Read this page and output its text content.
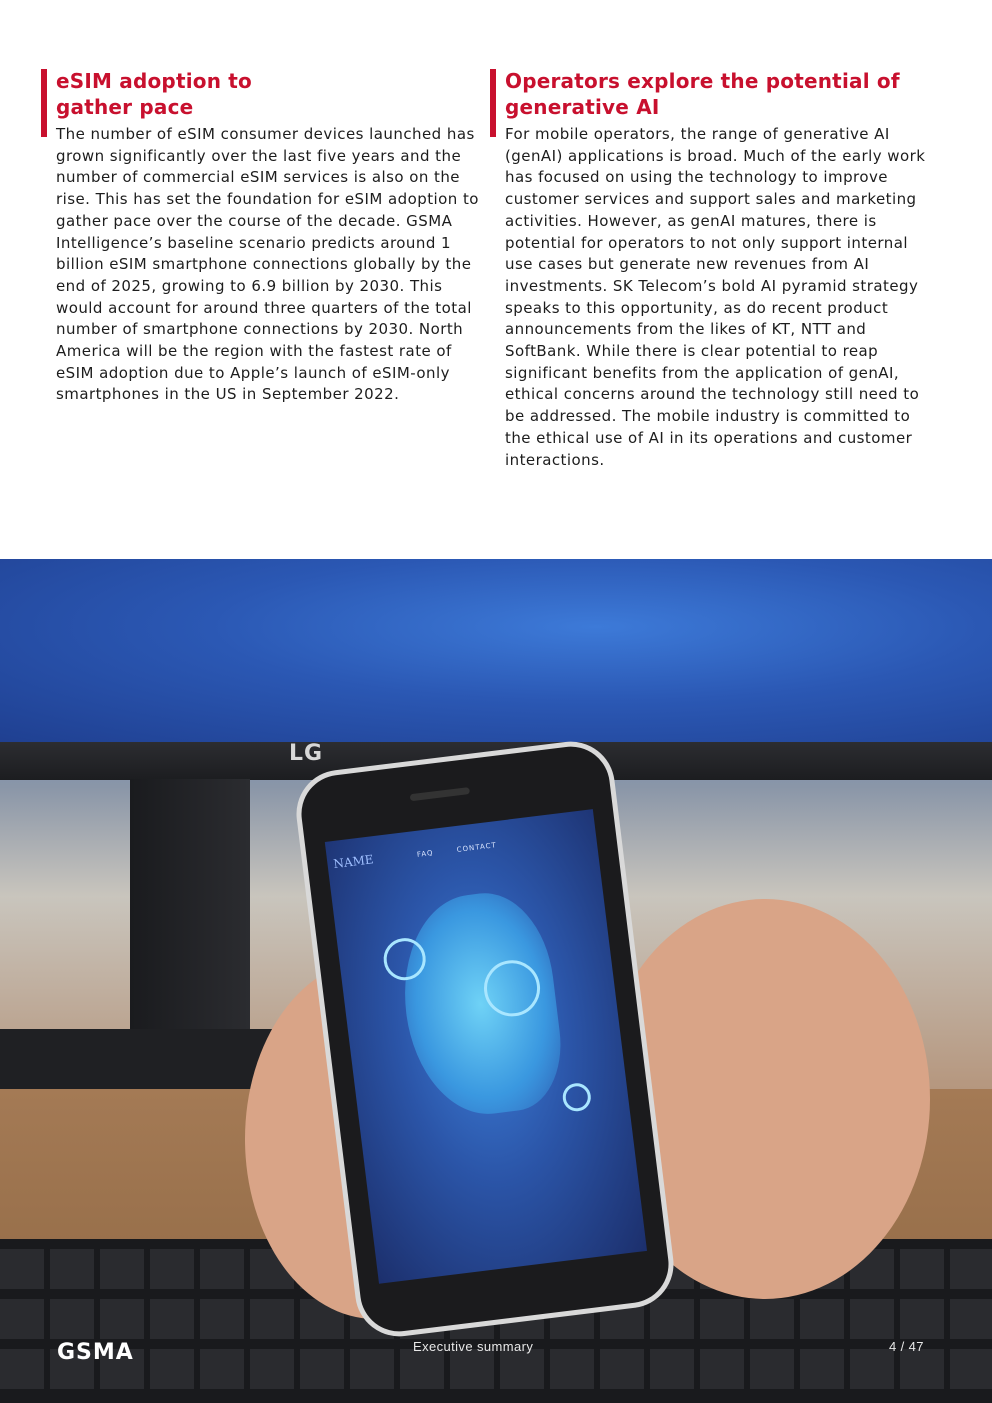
eSIM adoption to
gather pace

The number of eSIM consumer devices launched has grown significantly over the last five years and the number of commercial eSIM services is also on the rise. This has set the foundation for eSIM adoption to gather pace over the course of the decade. GSMA Intelligence’s baseline scenario predicts around 1 billion eSIM smartphone connections globally by the end of 2025, growing to 6.9 billion by 2030. This would account for around three quarters of the total number of smartphone connections by 2030. North America will be the region with the fastest rate of eSIM adoption due to Apple’s launch of eSIM-only smartphones in the US in September 2022.

Operators explore the potential of
generative AI

For mobile operators, the range of generative AI (genAI) applications is broad. Much of the early work has focused on using the technology to improve customer services and support sales and marketing activities. However, as genAI matures, there is potential for operators to not only support internal use cases but generate new revenues from AI investments. SK Telecom’s bold AI pyramid strategy speaks to this opportunity, as do recent product announcements from the likes of KT, NTT and SoftBank. While there is clear potential to reap significant benefits from the application of genAI, ethical concerns around the technology still need to be addressed. The mobile industry is committed to the ethical use of AI in its operations and customer interactions.

LG
NAME	FAQ	CONTACT
GSMA	Executive summary	4 / 47
